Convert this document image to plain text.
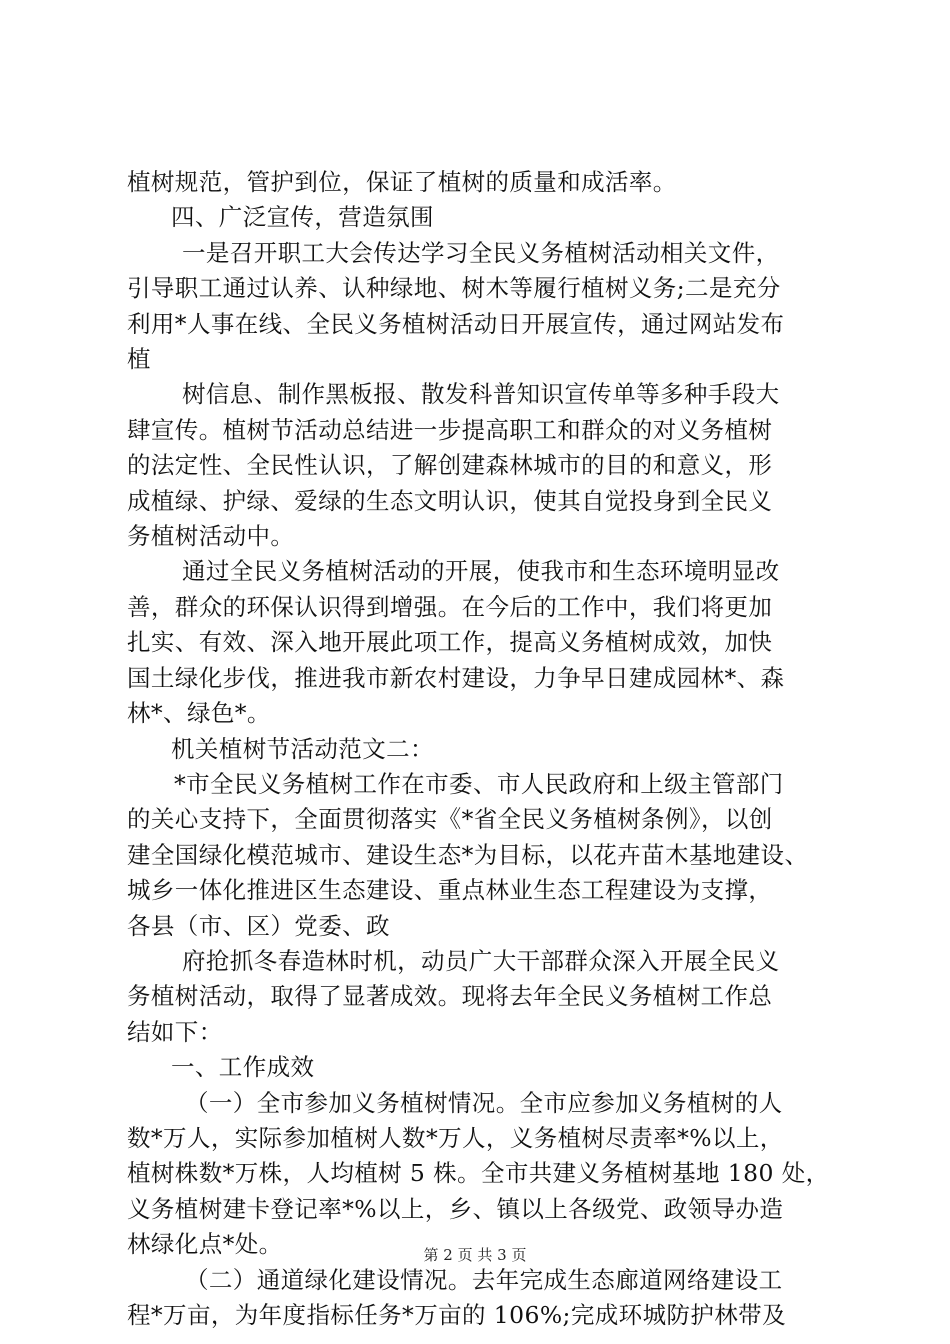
植树规范，管护到位，保证了植树的质量和成活率。
四、广泛宣传，营造氛围
一是召开职工大会传达学习全民义务植树活动相关文件，
引导职工通过认养、认种绿地、树木等履行植树义务;二是充分
利用*人事在线、全民义务植树活动日开展宣传，通过网站发布
植
树信息、制作黑板报、散发科普知识宣传单等多种手段大
肆宣传。植树节活动总结进一步提高职工和群众的对义务植树
的法定性、全民性认识，了解创建森林城市的目的和意义，形
成植绿、护绿、爱绿的生态文明认识，使其自觉投身到全民义
务植树活动中。
通过全民义务植树活动的开展，使我市和生态环境明显改
善，群众的环保认识得到增强。在今后的工作中，我们将更加
扎实、有效、深入地开展此项工作，提高义务植树成效，加快
国土绿化步伐，推进我市新农村建设，力争早日建成园林*、森
林*、绿色*。
机关植树节活动范文二：
*市全民义务植树工作在市委、市人民政府和上级主管部门
的关心支持下，全面贯彻落实《*省全民义务植树条例》，以创
建全国绿化模范城市、建设生态*为目标，以花卉苗木基地建设、
城乡一体化推进区生态建设、重点林业生态工程建设为支撑，
各县（市、区）党委、政
府抢抓冬春造林时机，动员广大干部群众深入开展全民义
务植树活动，取得了显著成效。现将去年全民义务植树工作总
结如下：
一、工作成效
（一）全市参加义务植树情况。全市应参加义务植树的人
数*万人，实际参加植树人数*万人，义务植树尽责率*%以上，
植树株数*万株，人均植树 5 株。全市共建义务植树基地 180 处，
义务植树建卡登记率*%以上，乡、镇以上各级党、政领导办造
林绿化点*处。
（二）通道绿化建设情况。去年完成生态廊道网络建设工
程*万亩，为年度指标任务*万亩的 106%;完成环城防护林带及
第 2 页 共 3 页
